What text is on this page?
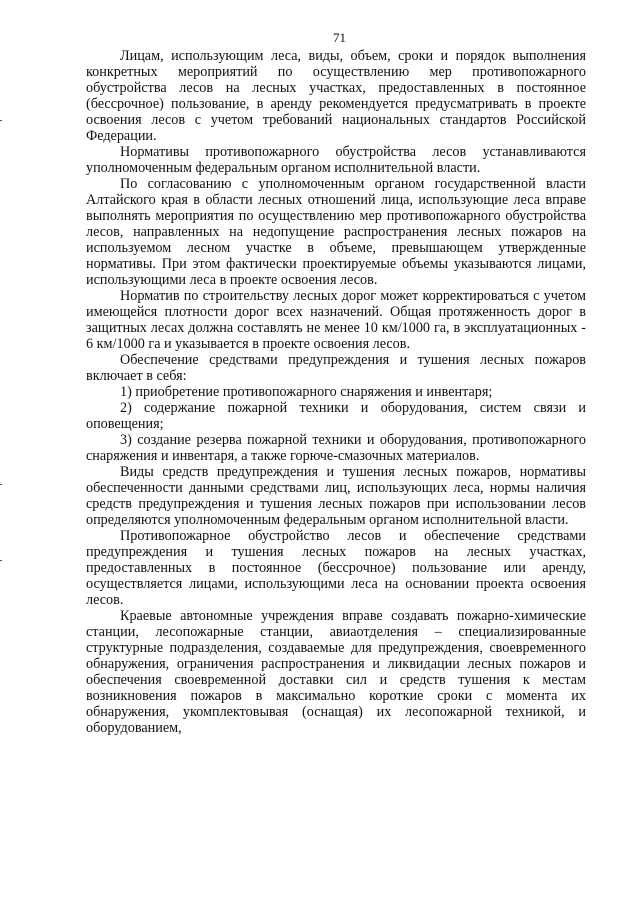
71

Лицам, использующим леса, виды, объем, сроки и порядок выполнения конкретных мероприятий по осуществлению мер противопожарного обустройства лесов на лесных участках, предоставленных в постоянное (бессрочное) пользование, в аренду рекомендуется предусматривать в проекте освоения лесов с учетом требований национальных стандартов Российской Федерации.

Нормативы противопожарного обустройства лесов устанавливаются уполномоченным федеральным органом исполнительной власти.

По согласованию с уполномоченным органом государственной власти Алтайского края в области лесных отношений лица, использующие леса вправе выполнять мероприятия по осуществлению мер противопожарного обустройства лесов, направленных на недопущение распространения лесных пожаров на используемом лесном участке в объеме, превышающем утвержденные нормативы. При этом фактически проектируемые объемы указываются лицами, использующими леса в проекте освоения лесов.

Норматив по строительству лесных дорог может корректироваться с учетом имеющейся плотности дорог всех назначений. Общая протяженность дорог в защитных лесах должна составлять не менее 10 км/1000 га, в эксплуатационных - 6 км/1000 га и указывается в проекте освоения лесов.

Обеспечение средствами предупреждения и тушения лесных пожаров включает в себя:

1) приобретение противопожарного снаряжения и инвентаря;

2) содержание пожарной техники и оборудования, систем связи и оповещения;

3) создание резерва пожарной техники и оборудования, противопожарного снаряжения и инвентаря, а также горюче-смазочных материалов.

Виды средств предупреждения и тушения лесных пожаров, нормативы обеспеченности данными средствами лиц, использующих леса, нормы наличия средств предупреждения и тушения лесных пожаров при использовании лесов определяются уполномоченным федеральным органом исполнительной власти.

Противопожарное обустройство лесов и обеспечение средствами предупреждения и тушения лесных пожаров на лесных участках, предоставленных в постоянное (бессрочное) пользование или аренду, осуществляется лицами, использующими леса на основании проекта освоения лесов.

Краевые автономные учреждения вправе создавать пожарно-химические станции, лесопожарные станции, авиаотделения – специализированные структурные подразделения, создаваемые для предупреждения, своевременного обнаружения, ограничения распространения и ликвидации лесных пожаров и обеспечения своевременной доставки сил и средств тушения к местам возникновения пожаров в максимально короткие сроки с момента их обнаружения, укомплектовывая (оснащая) их лесопожарной техникой, и оборудованием,
